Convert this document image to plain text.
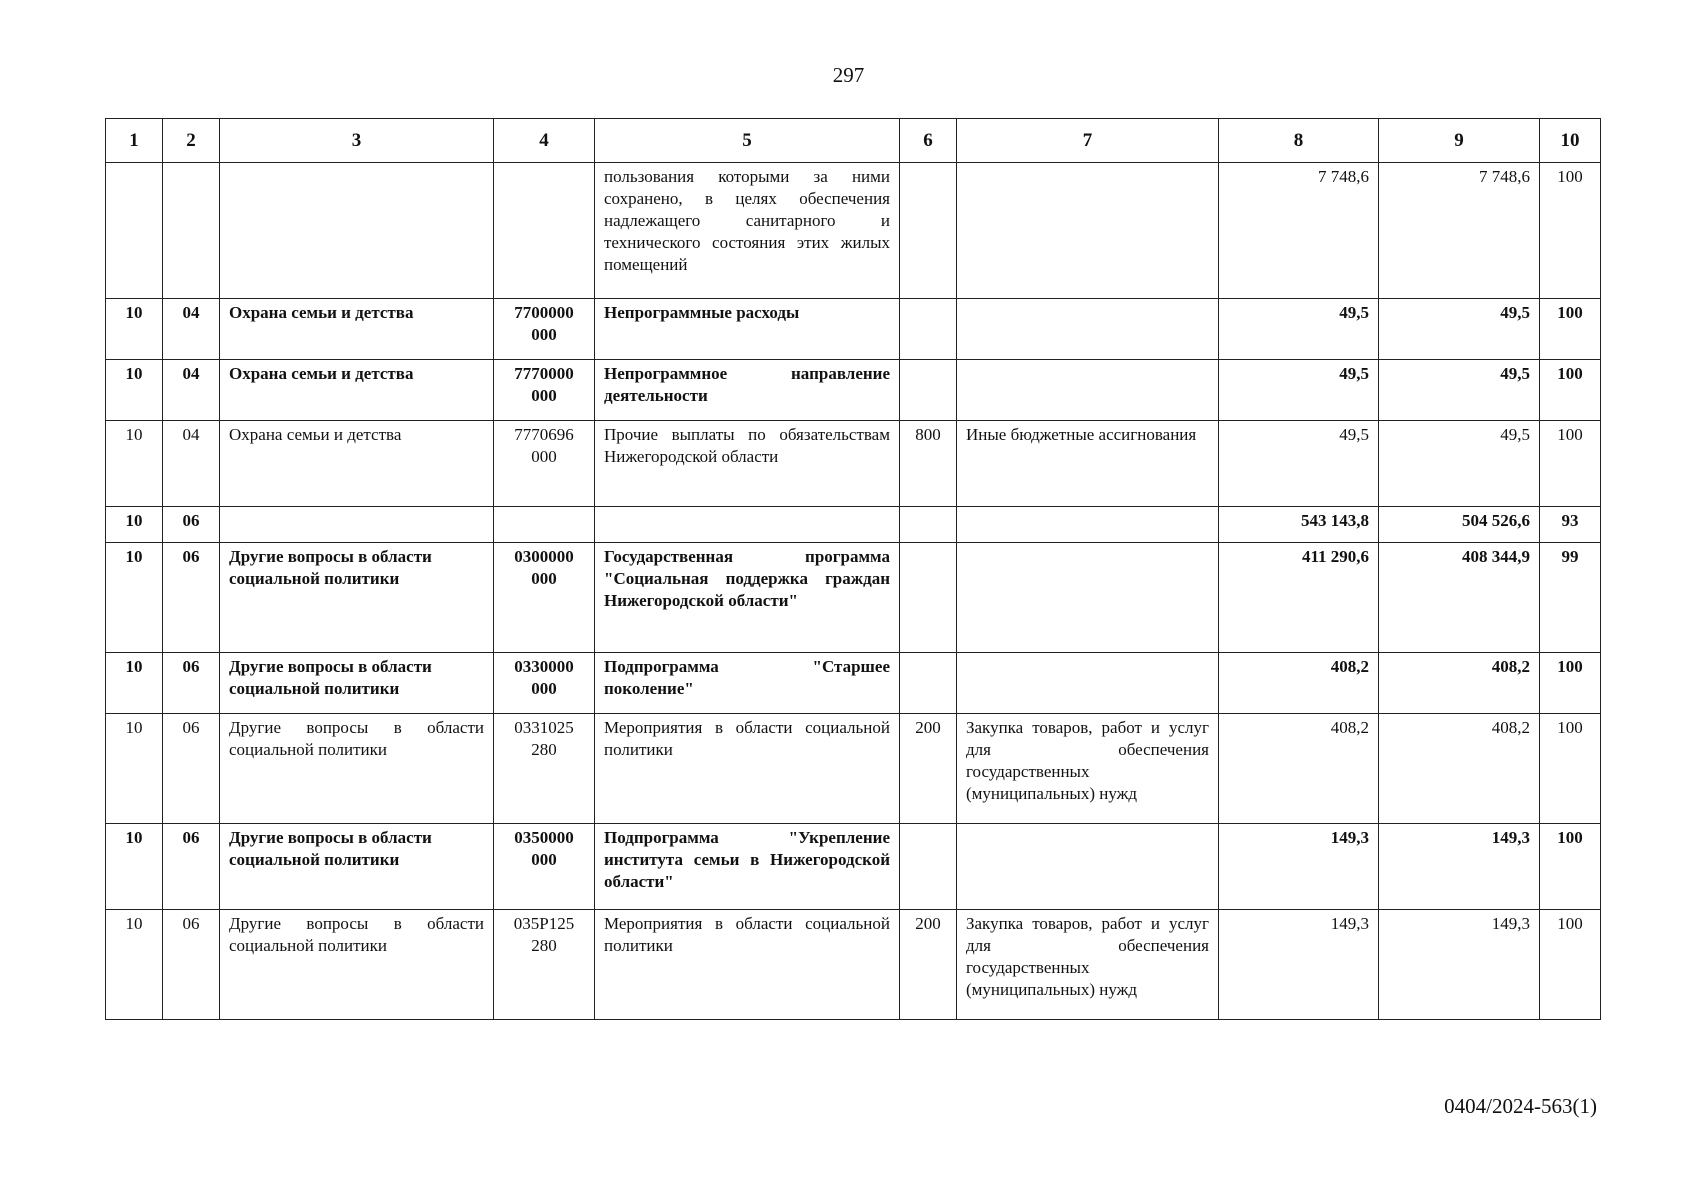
297
1	2	3	4	5	6	7	8	9	10
				пользования которыми за ними сохранено, в целях обеспечения надлежащего санитарного и технического состояния этих жилых помещений			7 748,6	7 748,6	100
10	04	Охрана семьи и детства	7700000 000	Непрограммные расходы			49,5	49,5	100
10	04	Охрана семьи и детства	7770000 000	Непрограммное направление деятельности			49,5	49,5	100
10	04	Охрана семьи и детства	7770696 000	Прочие выплаты по обязательствам Нижегородской области	800	Иные бюджетные ассигнования	49,5	49,5	100
10	06						543 143,8	504 526,6	93
10	06	Другие вопросы в области социальной политики	0300000 000	Государственная программа "Социальная поддержка граждан Нижегородской области"			411 290,6	408 344,9	99
10	06	Другие вопросы в области социальной политики	0330000 000	Подпрограмма "Старшее поколение"			408,2	408,2	100
10	06	Другие вопросы в области социальной политики	0331025 280	Мероприятия в области социальной политики	200	Закупка товаров, работ и услуг для обеспечения государственных (муниципальных) нужд	408,2	408,2	100
10	06	Другие вопросы в области социальной политики	0350000 000	Подпрограмма "Укрепление института семьи в Нижегородской области"			149,3	149,3	100
10	06	Другие вопросы в области социальной политики	035Р125 280	Мероприятия в области социальной политики	200	Закупка товаров, работ и услуг для обеспечения государственных (муниципальных) нужд	149,3	149,3	100
0404/2024-563(1)
